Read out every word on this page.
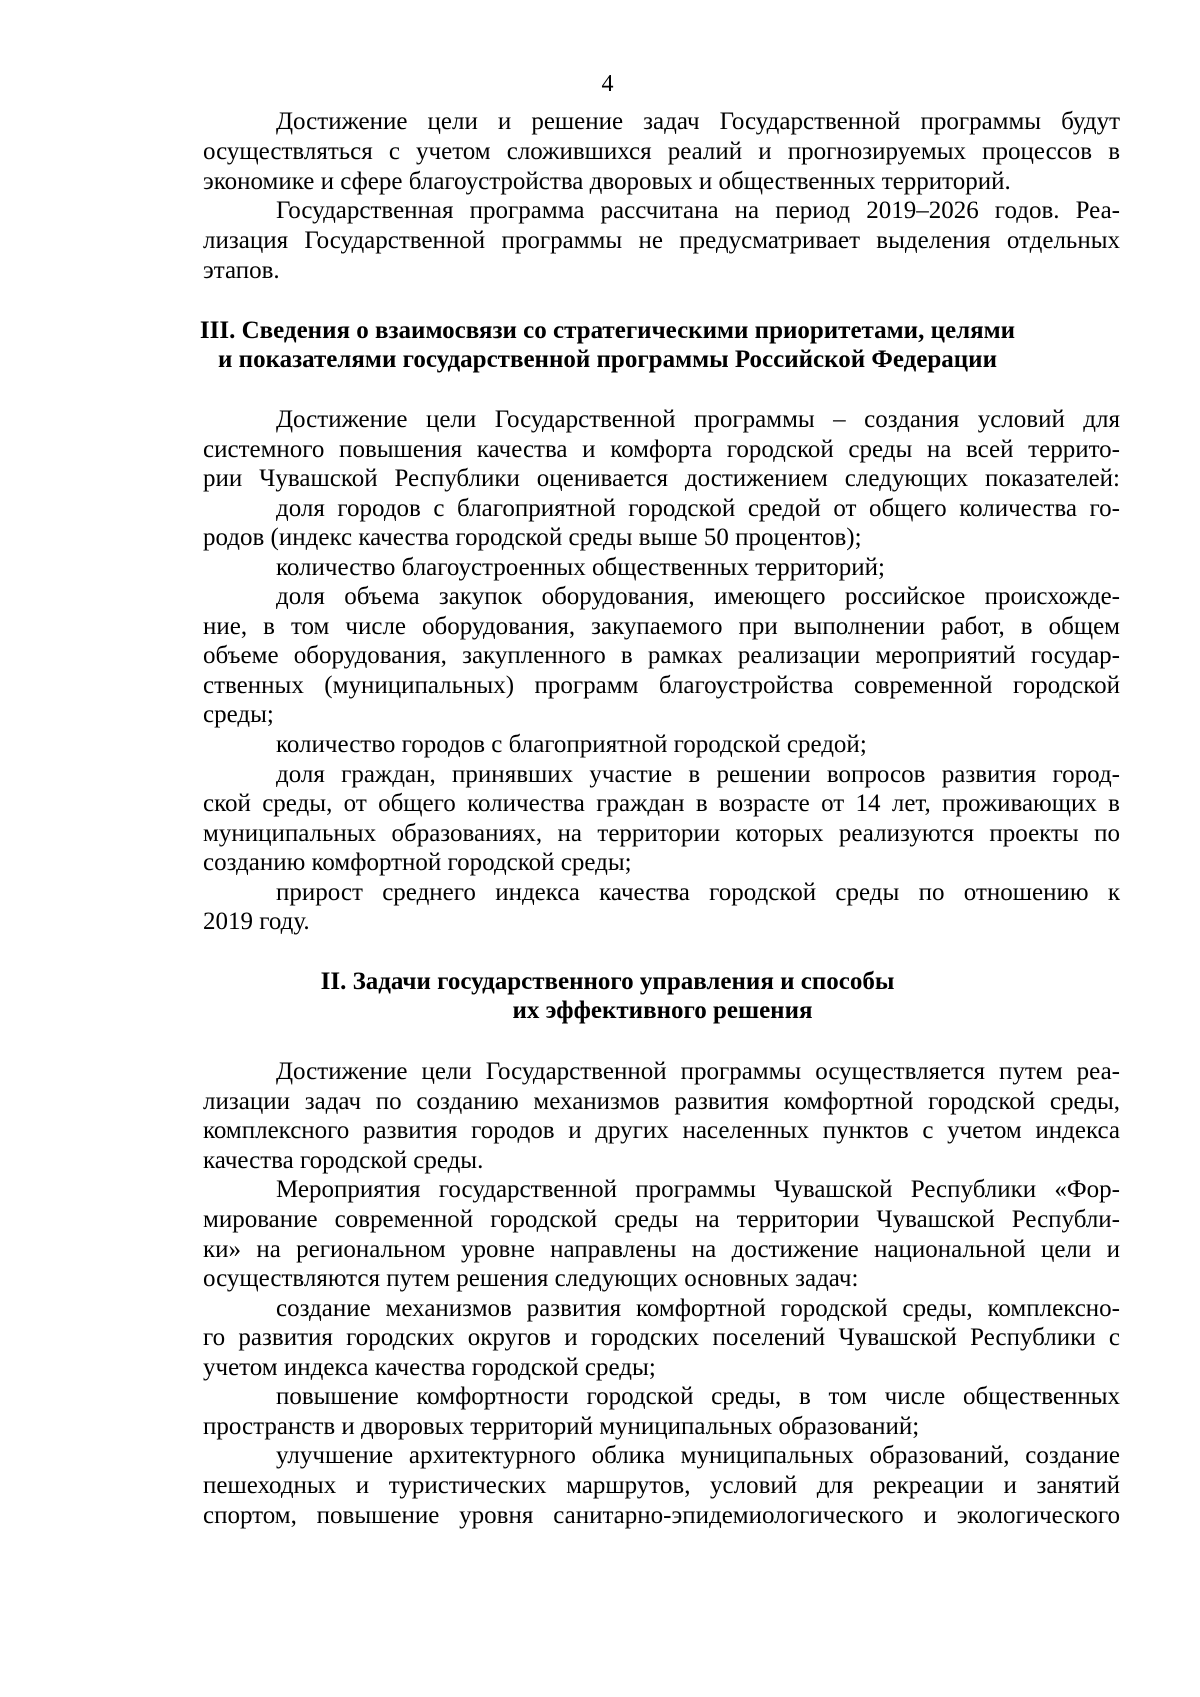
4
Достижение цели и решение задач Государственной программы будут
осуществляться с учетом сложившихся реалий и прогнозируемых процессов в
экономике и сфере благоустройства дворовых и общественных территорий.
Государственная программа рассчитана на период 2019–2026 годов. Реа-
лизация Государственной программы не предусматривает выделения отдельных
этапов.
III. Сведения о взаимосвязи со стратегическими приоритетами, целями
и показателями государственной программы Российской Федерации
Достижение цели Государственной программы – создания условий для
системного повышения качества и комфорта городской среды на всей террито-
рии Чувашской Республики оценивается достижением следующих показателей:
доля городов с благоприятной городской средой от общего количества го-
родов (индекс качества городской среды выше 50 процентов);
количество благоустроенных общественных территорий;
доля объема закупок оборудования, имеющего российское происхожде-
ние, в том числе оборудования, закупаемого при выполнении работ, в общем
объеме оборудования, закупленного в рамках реализации мероприятий государ-
ственных (муниципальных) программ благоустройства современной городской
среды;
количество городов с благоприятной городской средой;
доля граждан, принявших участие в решении вопросов развития город-
ской среды, от общего количества граждан в возрасте от 14 лет, проживающих в
муниципальных образованиях, на территории которых реализуются проекты по
созданию комфортной городской среды;
прирост среднего индекса качества городской среды по отношению к
2019 году.
II. Задачи государственного управления и способы
их эффективного решения
Достижение цели Государственной программы осуществляется путем реа-
лизации задач по созданию механизмов развития комфортной городской среды,
комплексного развития городов и других населенных пунктов с учетом индекса
качества городской среды.
Мероприятия государственной программы Чувашской Республики «Фор-
мирование современной городской среды на территории Чувашской Республи-
ки» на региональном уровне направлены на достижение национальной цели и
осуществляются путем решения следующих основных задач:
создание механизмов развития комфортной городской среды, комплексно-
го развития городских округов и городских поселений Чувашской Республики с
учетом индекса качества городской среды;
повышение комфортности городской среды, в том числе общественных
пространств и дворовых территорий муниципальных образований;
улучшение архитектурного облика муниципальных образований, создание
пешеходных и туристических маршрутов, условий для рекреации и занятий
спортом, повышение уровня санитарно-эпидемиологического и экологического
